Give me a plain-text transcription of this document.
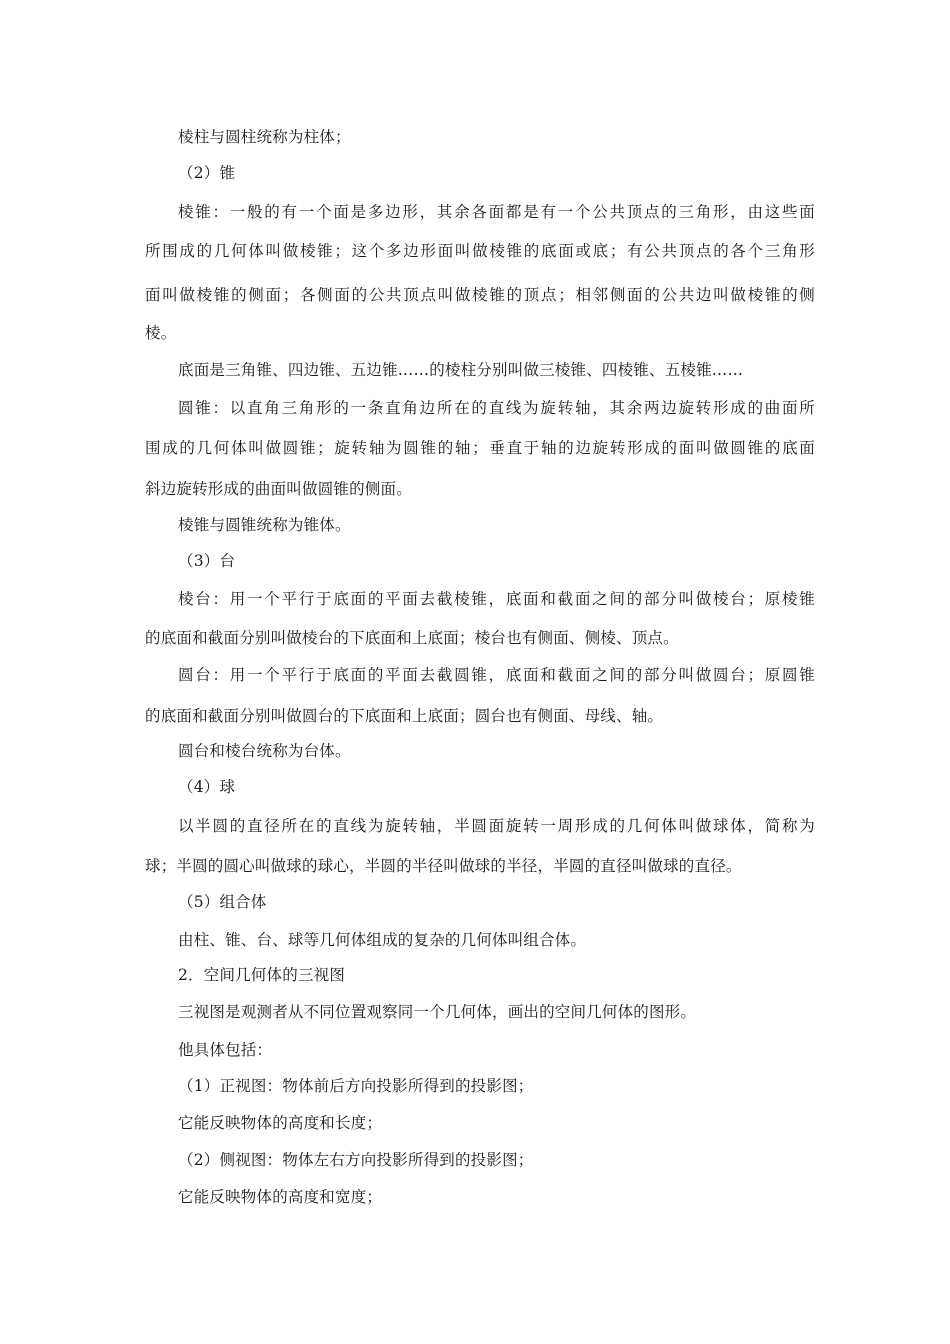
棱柱与圆柱统称为柱体；
（2）锥
棱锥：一般的有一个面是多边形，其余各面都是有一个公共顶点的三角形，由这些面
所围成的几何体叫做棱锥；这个多边形面叫做棱锥的底面或底；有公共顶点的各个三角形
面叫做棱锥的侧面；各侧面的公共顶点叫做棱锥的顶点；相邻侧面的公共边叫做棱锥的侧
棱。
底面是三角锥、四边锥、五边锥……的棱柱分别叫做三棱锥、四棱锥、五棱锥……
圆锥：以直角三角形的一条直角边所在的直线为旋转轴，其余两边旋转形成的曲面所
围成的几何体叫做圆锥；旋转轴为圆锥的轴；垂直于轴的边旋转形成的面叫做圆锥的底面
斜边旋转形成的曲面叫做圆锥的侧面。
棱锥与圆锥统称为锥体。
（3）台
棱台：用一个平行于底面的平面去截棱锥，底面和截面之间的部分叫做棱台；原棱锥
的底面和截面分别叫做棱台的下底面和上底面；棱台也有侧面、侧棱、顶点。
圆台：用一个平行于底面的平面去截圆锥，底面和截面之间的部分叫做圆台；原圆锥
的底面和截面分别叫做圆台的下底面和上底面；圆台也有侧面、母线、轴。
圆台和棱台统称为台体。
（4）球
以半圆的直径所在的直线为旋转轴，半圆面旋转一周形成的几何体叫做球体，简称为
球；半圆的圆心叫做球的球心，半圆的半径叫做球的半径，半圆的直径叫做球的直径。
（5）组合体
由柱、锥、台、球等几何体组成的复杂的几何体叫组合体。
2．空间几何体的三视图
三视图是观测者从不同位置观察同一个几何体，画出的空间几何体的图形。
他具体包括：
（1）正视图：物体前后方向投影所得到的投影图；
它能反映物体的高度和长度；
（2）侧视图：物体左右方向投影所得到的投影图；
它能反映物体的高度和宽度；
